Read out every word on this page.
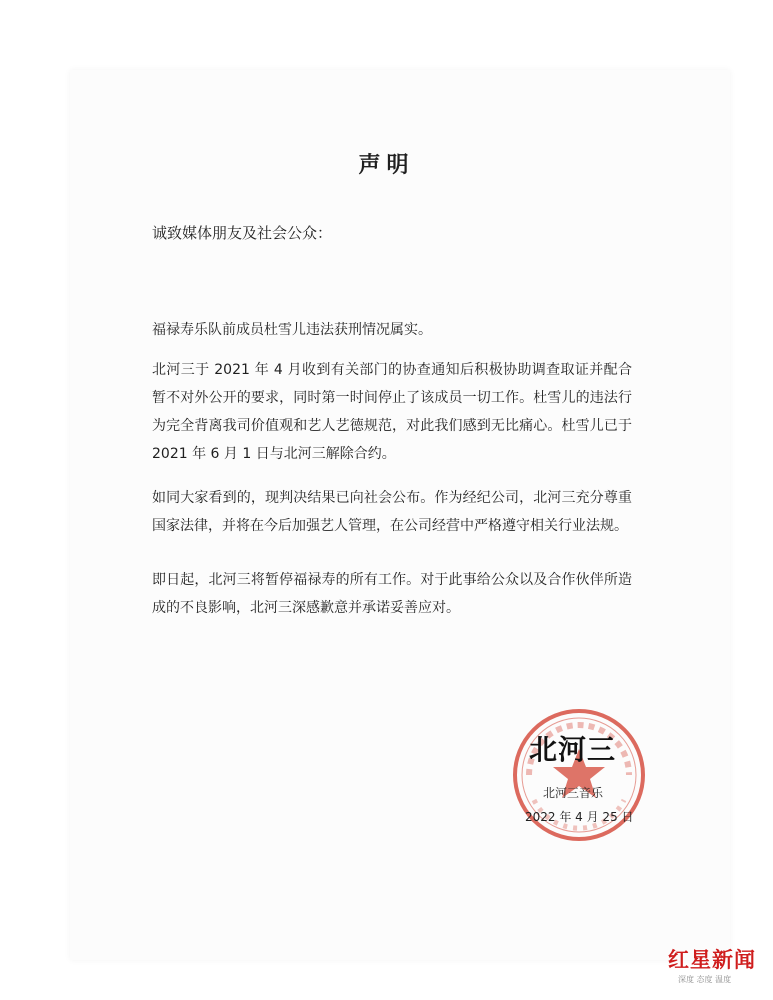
声明
诚致媒体朋友及社会公众：
福禄寿乐队前成员杜雪儿违法获刑情况属实。
北河三于 2021 年 4 月收到有关部门的协查通知后积极协助调查取证并配合暂不对外公开的要求，同时第一时间停止了该成员一切工作。杜雪儿的违法行为完全背离我司价值观和艺人艺德规范，对此我们感到无比痛心。杜雪儿已于 2021 年 6 月 1 日与北河三解除合约。
如同大家看到的，现判决结果已向社会公布。作为经纪公司，北河三充分尊重国家法律，并将在今后加强艺人管理，在公司经营中严格遵守相关行业法规。
即日起，北河三将暂停福禄寿的所有工作。对于此事给公众以及合作伙伴所造成的不良影响，北河三深感歉意并承诺妥善应对。
北河三
北河三音乐
2022 年 4 月 25 日
红星新闻
深度 态度 温度
